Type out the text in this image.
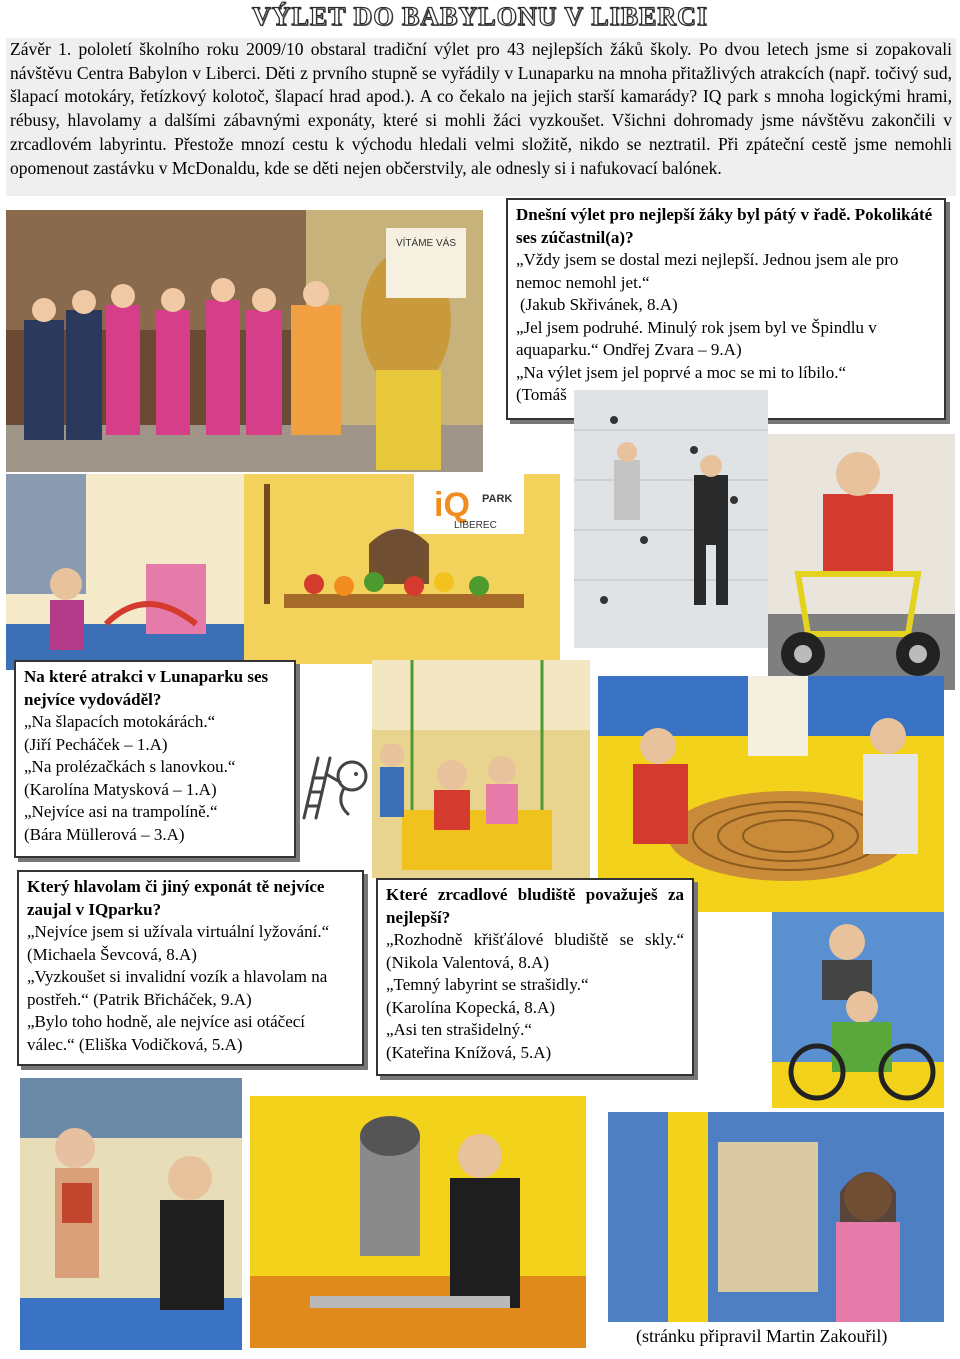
VÝLET DO BABYLONU V LIBERCI
Závěr 1. pololetí školního roku 2009/10 obstaral tradiční výlet pro 43 nejlepších žáků školy. Po dvou letech jsme si zopakovali návštěvu Centra Babylon v Liberci. Děti z prvního stupně se vyřádily v Lunaparku na mnoha přitažlivých atrakcích (např. točivý sud, šlapací motokáry, řetízkový kolotoč, šlapací hrad apod.). A co čekalo na jejich starší kamarády? IQ park s mnoha logickými hrami, rébusy, hlavolamy a dalšími zábavnými exponáty, které si mohli žáci vyzkoušet. Všichni dohromady jsme návštěvu zakončili v zrcadlovém labyrintu. Přestože mnozí cestu k východu hledali velmi složitě, nikdo se neztratil. Při zpáteční cestě jsme nemohli opomenout zastávku v McDonaldu, kde se děti nejen občerstvily, ale odnesly si i nafukovací balónek.
VÍTÁME VÁS

Dnešní výlet pro nejlepší žáky byl pátý v řadě. Pokolikáté ses zúčastnil(a)?

„Vždy jsem se dostal mezi nejlepší. Jednou jsem ale pro nemoc nemohl jet.“

(Jakub Skřivánek, 8.A)

„Jel jsem podruhé. Minulý rok jsem byl ve Špindlu v aquaparku.“ Ondřej Zvara – 9.A)

„Na výlet jsem jel poprvé a moc se mi to líbilo.“

(Tomáš

iQ PARK
LIBEREC

Na které atrakci v Lunaparku ses nejvíce vydováděl?

„Na šlapacích motokárách.“

(Jiří Pecháček – 1.A)

„Na prolézačkách s lanovkou.“

(Karolína Matysková – 1.A)

„Nejvíce asi na trampolíně.“

(Bára Müllerová – 3.A)

Který hlavolam či jiný exponát tě nejvíce zaujal v IQparku?

„Nejvíce jsem si užívala virtuální lyžování.“ (Michaela Ševcová, 8.A)

„Vyzkoušet si invalidní vozík a hlavolam na postřeh.“ (Patrik Břicháček, 9.A)

„Bylo toho hodně, ale nejvíce asi otáčecí válec.“ (Eliška Vodičková, 5.A)

Které zrcadlové bludiště považuješ za nejlepší?

„Rozhodně křišťálové bludiště se skly.“ (Nikola Valentová, 8.A)

„Temný labyrint se strašidly.“

(Karolína Kopecká, 8.A)

„Asi ten strašidelný.“

(Kateřina Knížová, 5.A)

(stránku připravil Martin Zakouřil)
